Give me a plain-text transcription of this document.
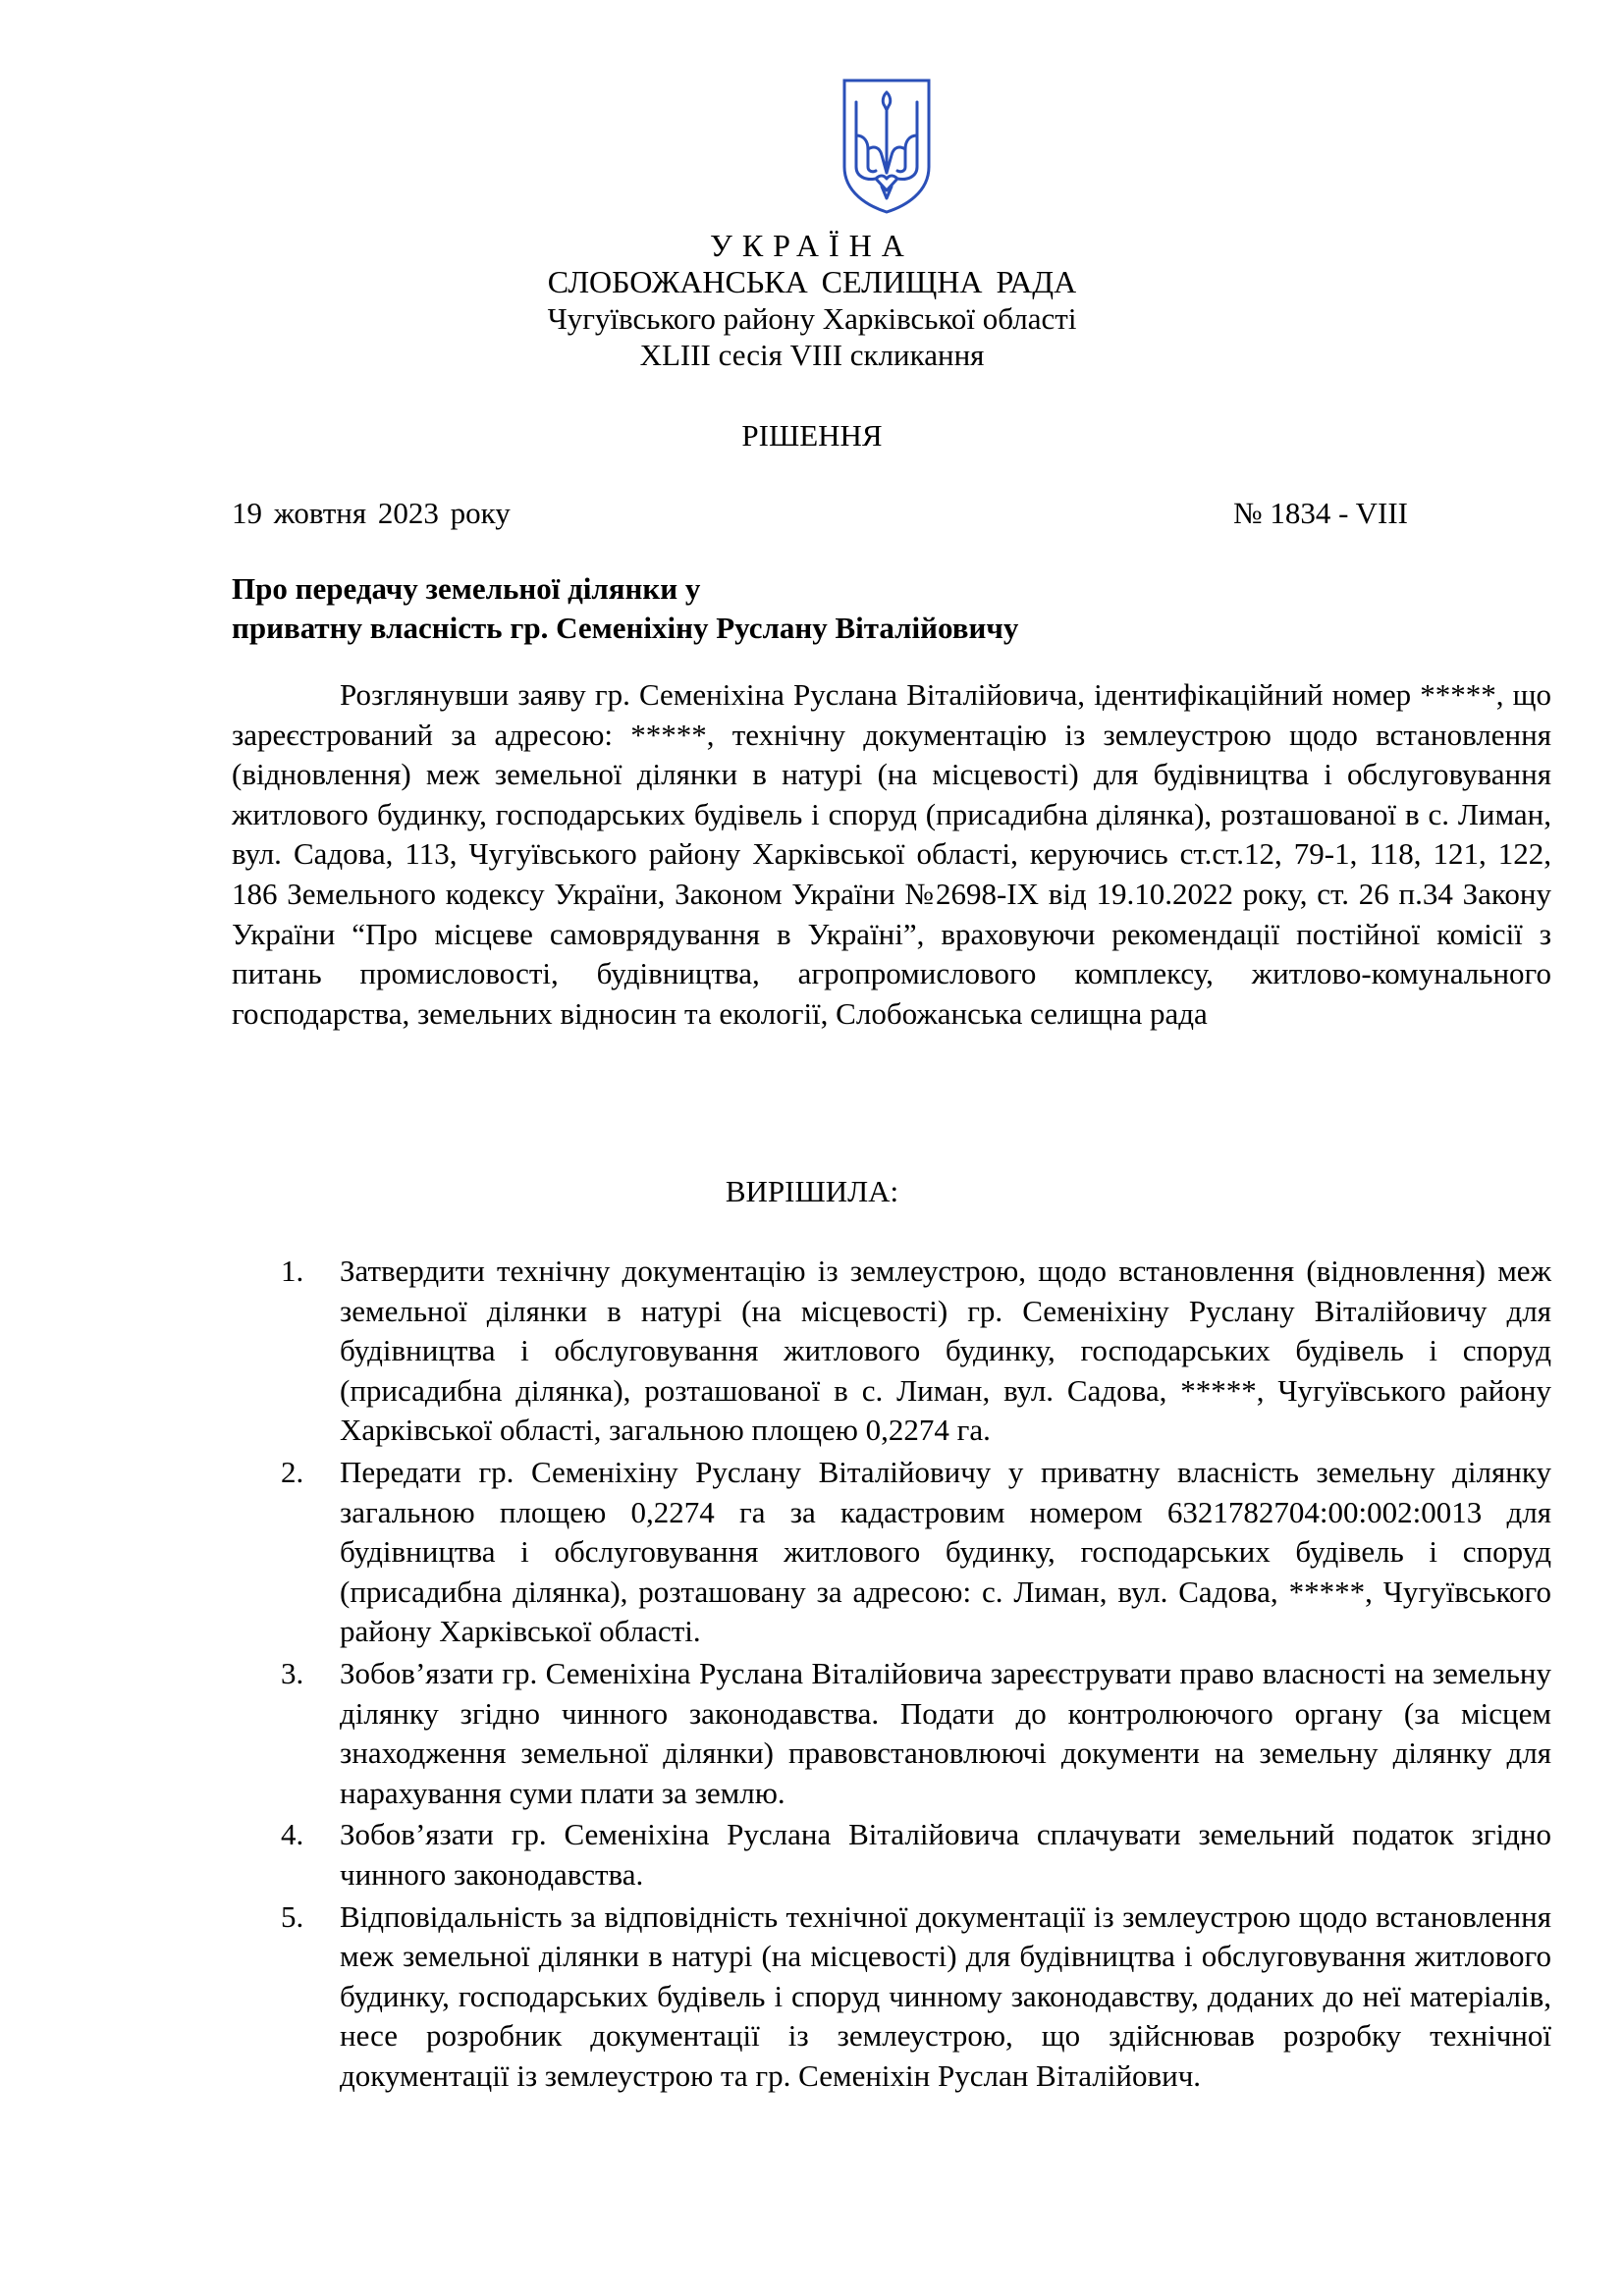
УКРАЇНА
СЛОБОЖАНСЬКА СЕЛИЩНА РАДА
Чугуївського району Харківської області
XLIII сесія VIII скликання
РІШЕННЯ
19 жовтня 2023 року	№ 1834 - VIII
Про передачу земельної ділянки у
приватну власність гр. Семеніхіну Руслану Віталійовичу
Розглянувши заяву гр. Семеніхіна Руслана Віталійовича, ідентифікаційний номер *****, що зареєстрований за адресою: *****, технічну документацію із землеустрою щодо встановлення (відновлення) меж земельної ділянки в натурі (на місцевості) для будівництва і обслуговування житлового будинку, господарських будівель і споруд (присадибна ділянка), розташованої в с. Лиман, вул. Садова, 113, Чугуївського району Харківської області, керуючись ст.ст.12, 79-1, 118, 121, 122, 186 Земельного кодексу України, Законом України №2698-IX від 19.10.2022 року, ст. 26 п.34 Закону України “Про місцеве самоврядування в Україні”, враховуючи рекомендації постійної комісії з питань промисловості, будівництва, агропромислового комплексу, житлово-комунального господарства, земельних відносин та екології, Слобожанська селищна рада
ВИРІШИЛА:
1. Затвердити технічну документацію із землеустрою, щодо встановлення (відновлення) меж земельної ділянки в натурі (на місцевості) гр. Семеніхіну Руслану Віталійовичу для будівництва і обслуговування житлового будинку, господарських будівель і споруд (присадибна ділянка), розташованої в с. Лиман, вул. Садова, *****, Чугуївського району Харківської області, загальною площею 0,2274 га.
2. Передати гр. Семеніхіну Руслану Віталійовичу у приватну власність земельну ділянку загальною площею 0,2274 га за кадастровим номером 6321782704:00:002:0013 для будівництва і обслуговування житлового будинку, господарських будівель і споруд (присадибна ділянка), розташовану за адресою: с. Лиман, вул. Садова, *****, Чугуївського району Харківської області.
3. Зобов’язати гр. Семеніхіна Руслана Віталійовича зареєструвати право власності на земельну ділянку згідно чинного законодавства. Подати до контролюючого органу (за місцем знаходження земельної ділянки) правовстановлюючі документи на земельну ділянку для нарахування суми плати за землю.
4. Зобов’язати гр. Семеніхіна Руслана Віталійовича сплачувати земельний податок згідно чинного законодавства.
5. Відповідальність за відповідність технічної документації із землеустрою щодо встановлення меж земельної ділянки в натурі (на місцевості) для будівництва і обслуговування житлового будинку, господарських будівель і споруд чинному законодавству, доданих до неї матеріалів, несе розробник документації із землеустрою, що здійснював розробку технічної документації із землеустрою та гр. Семеніхін Руслан Віталійович.
